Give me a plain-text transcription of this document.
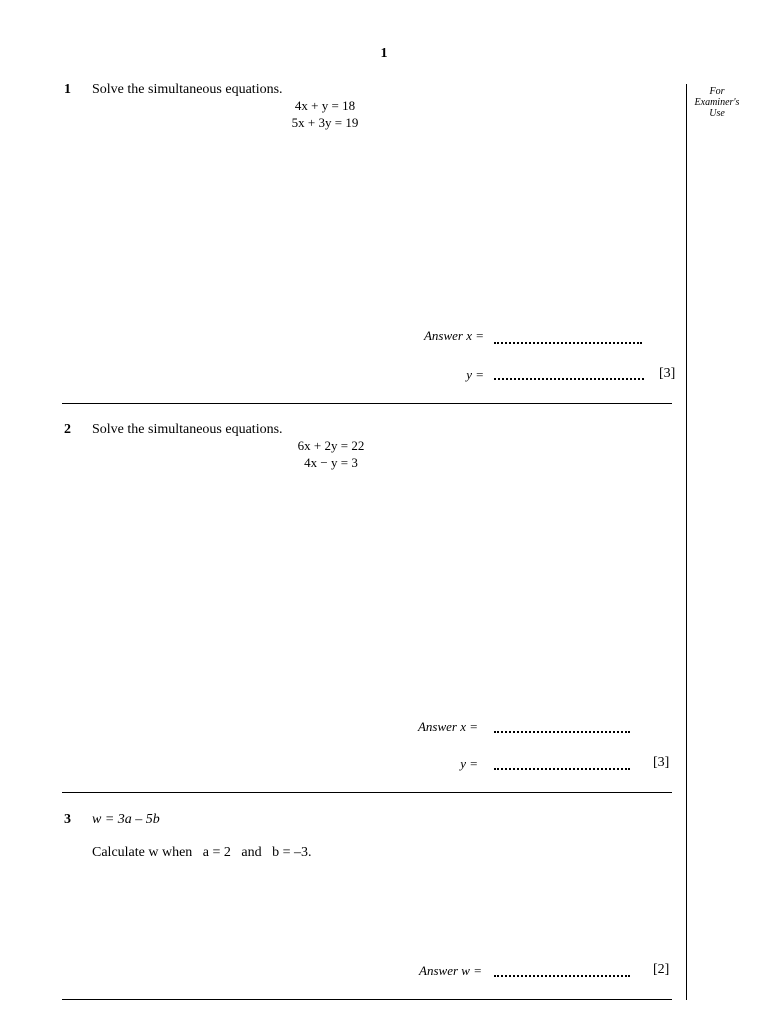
1
For
Examiner's
Use
1 Solve the simultaneous equations.
4x + y = 18
5x + 3y = 19
Answer x =
y =	[3]
2 Solve the simultaneous equations.
6x + 2y = 22
4x − y = 3
Answer x =
y =	[3]
3 w = 3a – 5b
Calculate w when   a = 2   and   b = –3.
Answer w =	[2]
